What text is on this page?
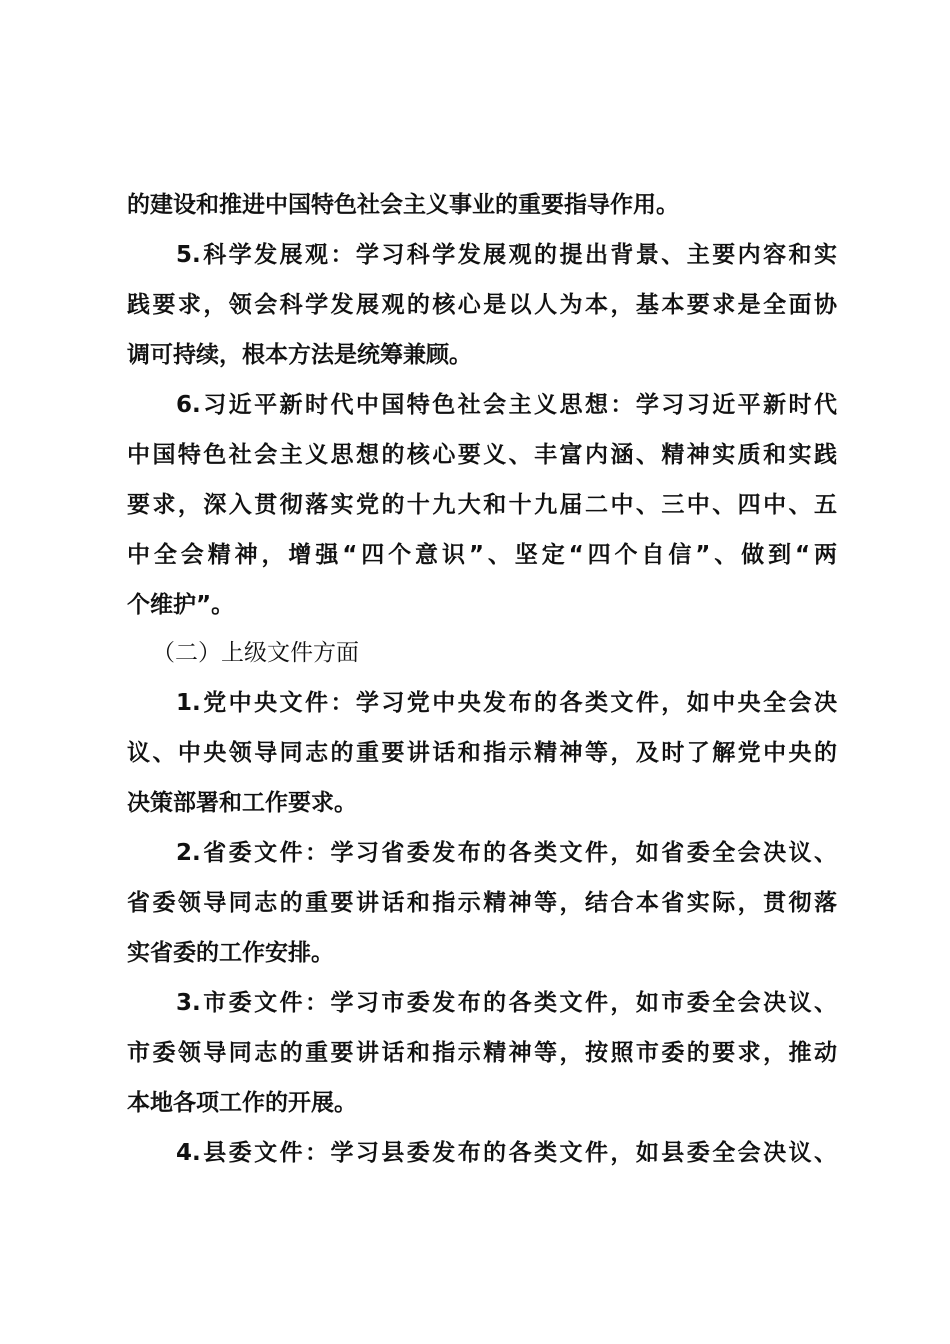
的建设和推进中国特色社会主义事业的重要指导作用。
5.科学发展观：学习科学发展观的提出背景、主要内容和实
践要求，领会科学发展观的核心是以人为本，基本要求是全面协
调可持续，根本方法是统筹兼顾。
6.习近平新时代中国特色社会主义思想：学习习近平新时代
中国特色社会主义思想的核心要义、丰富内涵、精神实质和实践
要求，深入贯彻落实党的十九大和十九届二中、三中、四中、五
中全会精神，增强“四个意识”、坚定“四个自信”、做到“两
个维护”。
（二）上级文件方面
1.党中央文件：学习党中央发布的各类文件，如中央全会决
议、中央领导同志的重要讲话和指示精神等，及时了解党中央的
决策部署和工作要求。
2.省委文件：学习省委发布的各类文件，如省委全会决议、
省委领导同志的重要讲话和指示精神等，结合本省实际，贯彻落
实省委的工作安排。
3.市委文件：学习市委发布的各类文件，如市委全会决议、
市委领导同志的重要讲话和指示精神等，按照市委的要求，推动
本地各项工作的开展。
4.县委文件：学习县委发布的各类文件，如县委全会决议、
